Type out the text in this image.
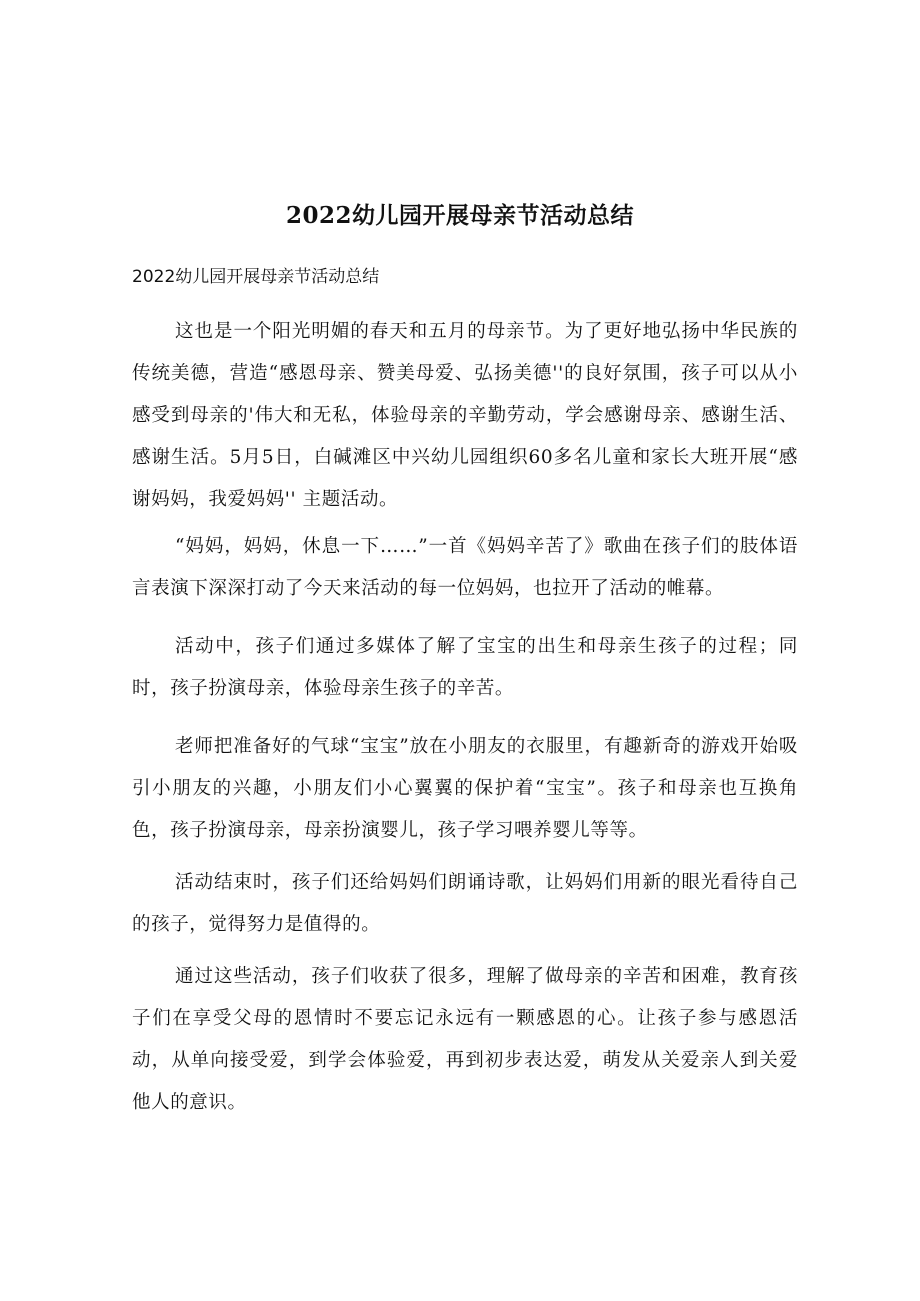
2022幼儿园开展母亲节活动总结
2022幼儿园开展母亲节活动总结

这也是一个阳光明媚的春天和五月的母亲节。为了更好地弘扬中华民族的传统美德，营造“感恩母亲、赞美母爱、弘扬美德''的良好氛围，孩子可以从小感受到母亲的'伟大和无私，体验母亲的辛勤劳动，学会感谢母亲、感谢生活、感谢生活。5月5日，白碱滩区中兴幼儿园组织60多名儿童和家长大班开展“感谢妈妈，我爱妈妈'' 主题活动。

“妈妈，妈妈，休息一下……”一首《妈妈辛苦了》歌曲在孩子们的肢体语言表演下深深打动了今天来活动的每一位妈妈，也拉开了活动的帷幕。

活动中，孩子们通过多媒体了解了宝宝的出生和母亲生孩子的过程；同时，孩子扮演母亲，体验母亲生孩子的辛苦。

老师把准备好的气球“宝宝”放在小朋友的衣服里，有趣新奇的游戏开始吸引小朋友的兴趣，小朋友们小心翼翼的保护着“宝宝”。孩子和母亲也互换角色，孩子扮演母亲，母亲扮演婴儿，孩子学习喂养婴儿等等。

活动结束时，孩子们还给妈妈们朗诵诗歌，让妈妈们用新的眼光看待自己的孩子，觉得努力是值得的。

通过这些活动，孩子们收获了很多，理解了做母亲的辛苦和困难，教育孩子们在享受父母的恩情时不要忘记永远有一颗感恩的心。让孩子参与感恩活动，从单向接受爱，到学会体验爱，再到初步表达爱，萌发从关爱亲人到关爱他人的意识。
